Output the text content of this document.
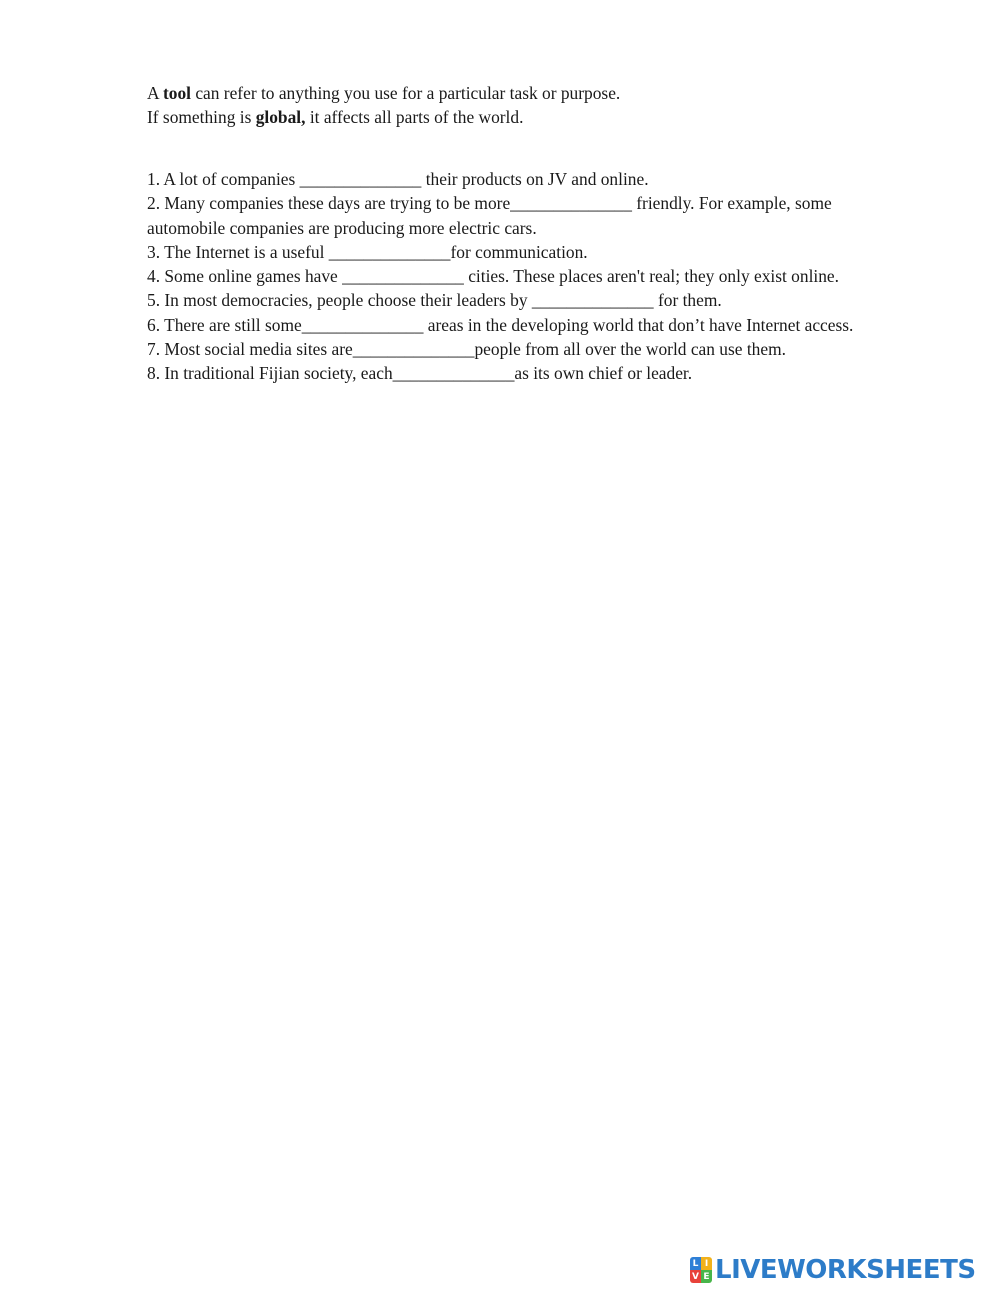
A tool can refer to anything you use for a particular task or purpose.

If something is global, it affects all parts of the world.

1. A lot of companies ______________ their products on JV and online.

2. Many companies these days are trying to be more______________ friendly. For example, some automobile companies are producing more electric cars.

3. The Internet is a useful ______________for communication.

4. Some online games have ______________ cities. These places aren't real; they only exist online.

5. In most democracies, people choose their leaders by ______________ for them.

6. There are still some______________ areas in the developing world that don’t have Internet access.

7. Most social media sites are______________people from all over the world can use them.

8. In traditional Fijian society, each______________as its own chief or leader.

L I
V E LIVEWORKSHEETS
